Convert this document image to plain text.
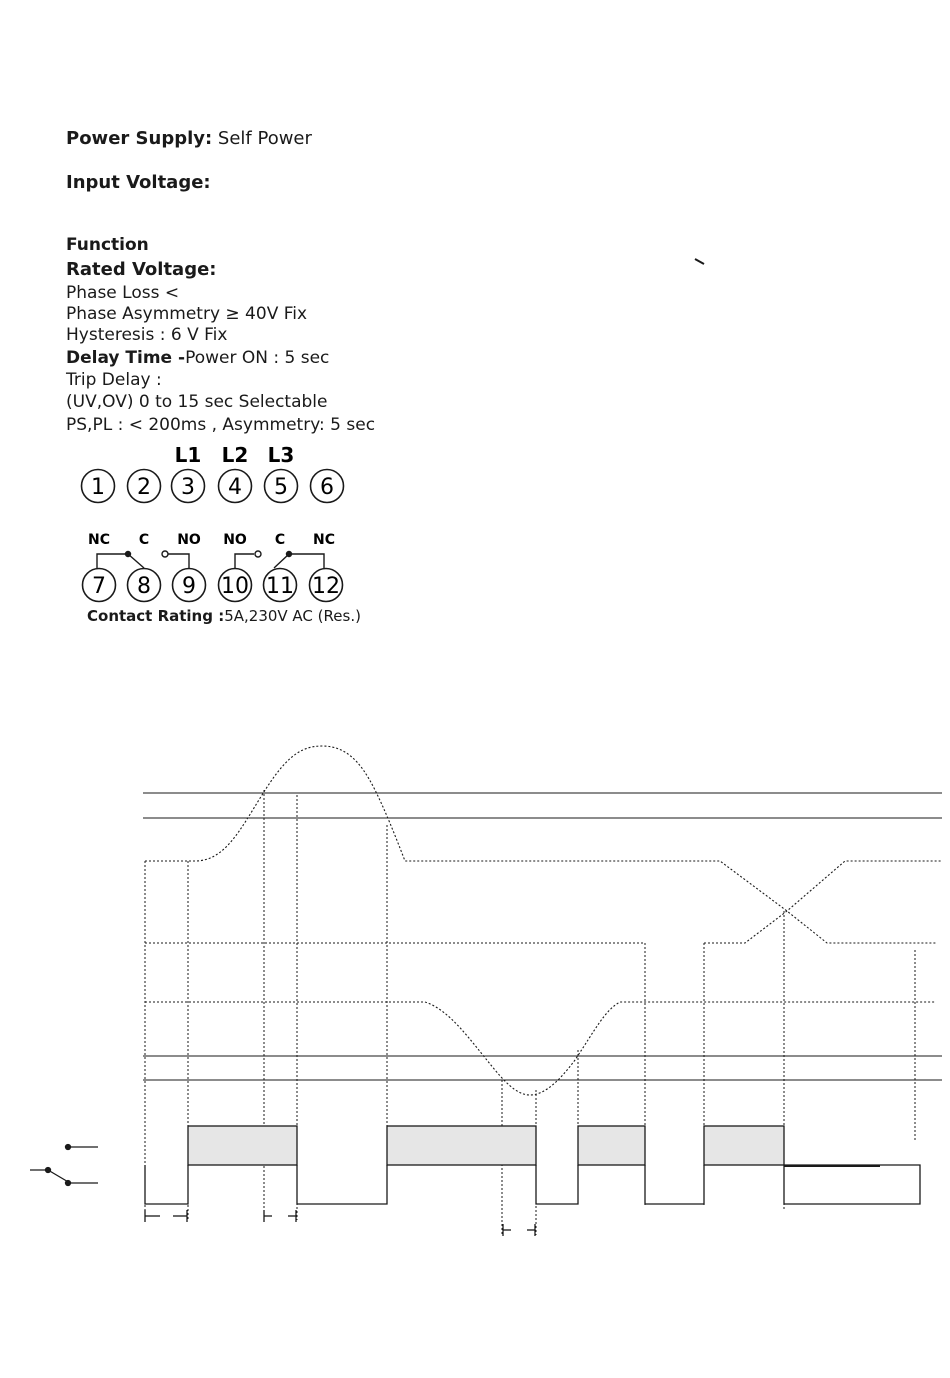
Power Supply: Self Power
Input Voltage:
Function
Rated Voltage:
Phase Loss <
Phase Asymmetry ≥ 40V Fix
Hysteresis : 6 V Fix
Delay Time -Power ON : 5 sec
Trip Delay :
(UV,OV) 0 to 15 sec Selectable
PS,PL : < 200ms , Asymmetry: 5 sec
Contact Rating :5A,230V AC (Res.)
L1 L2 L3
1 2 3 4 5 6
NC C NO NO C NC
7 8 9 10 11 12
